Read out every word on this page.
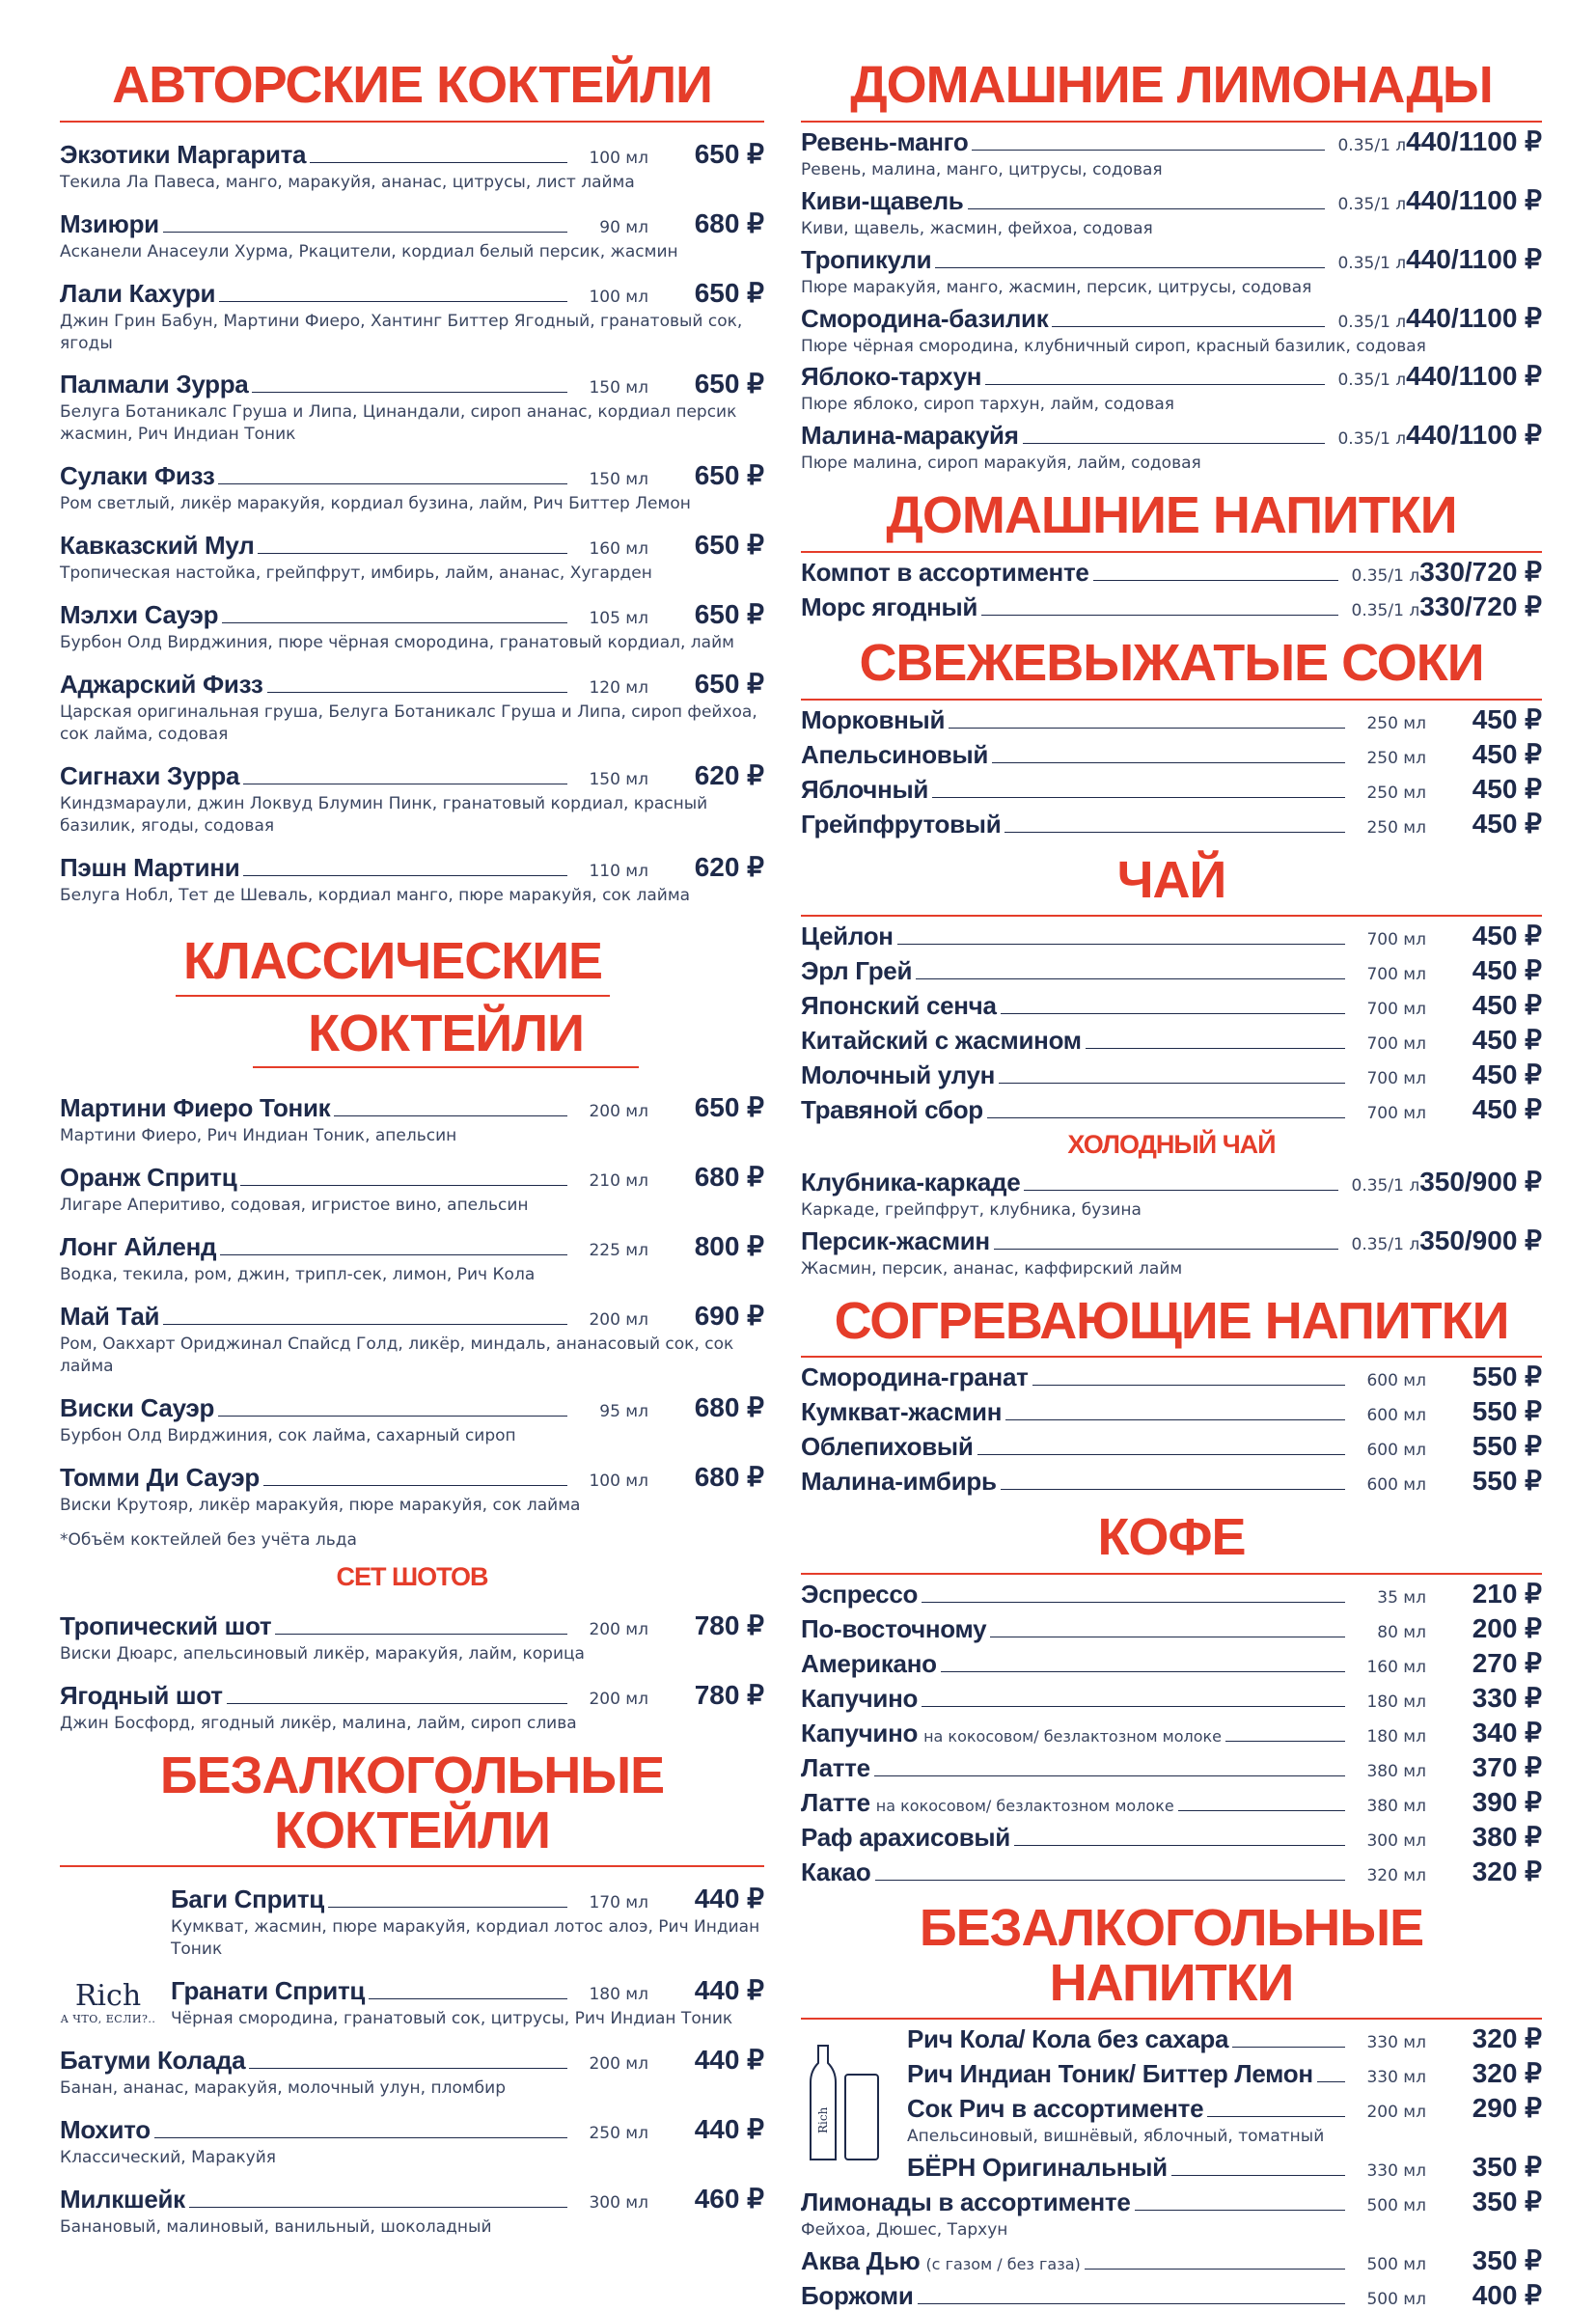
АВТОРСКИЕ КОКТЕЙЛИ
Экзотики Маргарита	100 мл	650 ₽
Текила Ла Павеса, манго, маракуйя, ананас, цитрусы, лист лайма
Мзиюри	90 мл	680 ₽
Асканели Анасеули Хурма, Ркацители, кордиал белый персик, жасмин
Лали Кахури	100 мл	650 ₽
Джин Грин Бабун, Мартини Фиеро, Хантинг Биттер Ягодный, гранатовый сок, ягоды
Палмали Зурра	150 мл	650 ₽
Белуга Ботаникалс Груша и Липа, Цинандали, сироп ананас, кордиал персик жасмин, Рич Индиан Тоник
Сулаки Физз	150 мл	650 ₽
Ром светлый, ликёр маракуйя, кордиал бузина, лайм, Рич Биттер Лемон
Кавказский Мул	160 мл	650 ₽
Тропическая настойка, грейпфрут, имбирь, лайм, ананас, Хугарден
Мэлхи Сауэр	105 мл	650 ₽
Бурбон Олд Вирджиния, пюре чёрная смородина, гранатовый кордиал, лайм
Аджарский Физз	120 мл	650 ₽
Царская оригинальная груша, Белуга Ботаникалс Груша и Липа, сироп фейхоа, сок лайма, содовая
Сигнахи Зурра	150 мл	620 ₽
Киндзмараули, джин Локвуд Блумин Пинк, гранатовый кордиал, красный базилик, ягоды, содовая
Пэшн Мартини	110 мл	620 ₽
Белуга Нобл, Тет де Шеваль, кордиал манго, пюре маракуйя, сок лайма
КЛАССИЧЕСКИЕ
КОКТЕЙЛИ
Мартини Фиеро Тоник	200 мл	650 ₽
Мартини Фиеро, Рич Индиан Тоник, апельсин
Оранж Спритц	210 мл	680 ₽
Лигаре Аперитиво, содовая, игристое вино, апельсин
Лонг Айленд	225 мл	800 ₽
Водка, текила, ром, джин, трипл-сек, лимон, Рич Кола
Май Тай	200 мл	690 ₽
Ром, Оакхарт Ориджинал Спайсд Голд, ликёр, миндаль, ананасовый сок, сок лайма
Виски Сауэр	95 мл	680 ₽
Бурбон Олд Вирджиния, сок лайма, сахарный сироп
Томми Ди Сауэр	100 мл	680 ₽
Виски Крутояр, ликёр маракуйя, пюре маракуйя, сок лайма
*Объём коктейлей без учёта льда
СЕТ ШОТОВ
Тропический шот	200 мл	780 ₽
Виски Дюарс, апельсиновый ликёр, маракуйя, лайм, корица
Ягодный шот	200 мл	780 ₽
Джин Босфорд, ягодный ликёр, малина, лайм, сироп слива
БЕЗАЛКОГОЛЬНЫЕ КОКТЕЙЛИ
Rich
А ЧТО, ЕСЛИ?..
Баги Спритц	170 мл	440 ₽
Кумкват, жасмин, пюре маракуйя, кордиал лотос алоэ, Рич Индиан Тоник
Гранати Спритц	180 мл	440 ₽
Чёрная смородина, гранатовый сок, цитрусы, Рич Индиан Тоник
Батуми Колада	200 мл	440 ₽
Банан, ананас, маракуйя, молочный улун, пломбир
Мохито	250 мл	440 ₽
Классический, Маракуйя
Милкшейк	300 мл	460 ₽
Банановый, малиновый, ванильный, шоколадный
ДОМАШНИЕ ЛИМОНАДЫ
Ревень-манго	0.35/1 л 440/1100 ₽
Ревень, малина, манго, цитрусы, содовая
Киви-щавель	0.35/1 л 440/1100 ₽
Киви, щавель, жасмин, фейхоа, содовая
Тропикули	0.35/1 л 440/1100 ₽
Пюре маракуйя, манго, жасмин, персик, цитрусы, содовая
Смородина-базилик	0.35/1 л 440/1100 ₽
Пюре чёрная смородина, клубничный сироп, красный базилик, содовая
Яблоко-тархун	0.35/1 л 440/1100 ₽
Пюре яблоко, сироп тархун, лайм, содовая
Малина-маракуйя	0.35/1 л 440/1100 ₽
Пюре малина, сироп маракуйя, лайм, содовая
ДОМАШНИЕ НАПИТКИ
Компот в ассортименте	0.35/1 л 330/720 ₽
Морс ягодный	0.35/1 л 330/720 ₽
СВЕЖЕВЫЖАТЫЕ СОКИ
Морковный	250 мл	450 ₽
Апельсиновый	250 мл	450 ₽
Яблочный	250 мл	450 ₽
Грейпфрутовый	250 мл	450 ₽
ЧАЙ
Цейлон	700 мл	450 ₽
Эрл Грей	700 мл	450 ₽
Японский сенча	700 мл	450 ₽
Китайский с жасмином	700 мл	450 ₽
Молочный улун	700 мл	450 ₽
Травяной сбор	700 мл	450 ₽
ХОЛОДНЫЙ ЧАЙ
Клубника-каркаде	0.35/1 л 350/900 ₽
Каркаде, грейпфрут, клубника, бузина
Персик-жасмин	0.35/1 л 350/900 ₽
Жасмин, персик, ананас, каффирский лайм
СОГРЕВАЮЩИЕ НАПИТКИ
Смородина-гранат	600 мл	550 ₽
Кумкват-жасмин	600 мл	550 ₽
Облепиховый	600 мл	550 ₽
Малина-имбирь	600 мл	550 ₽
КОФЕ
Эспрессо	35 мл	210 ₽
По-восточному	80 мл	200 ₽
Американо	160 мл	270 ₽
Капучино	180 мл	330 ₽
Капучино на кокосовом/ безлактозном молоке	180 мл	340 ₽
Латте	380 мл	370 ₽
Латте на кокосовом/ безлактозном молоке	380 мл	390 ₽
Раф арахисовый	300 мл	380 ₽
Какао	320 мл	320 ₽
БЕЗАЛКОГОЛЬНЫЕ НАПИТКИ
Rich
Рич Кола/ Кола без сахара	330 мл	320 ₽
Рич Индиан Тоник/ Биттер Лемон	330 мл	320 ₽
Сок Рич в ассортименте	200 мл	290 ₽
Апельсиновый, вишнёвый, яблочный, томатный
БЁРН Оригинальный	330 мл	350 ₽
Лимонады в ассортименте	500 мл	350 ₽
Фейхоа, Дюшес, Тархун
Аква Дью (с газом / без газа)	500 мл	350 ₽
Боржоми	500 мл	400 ₽
